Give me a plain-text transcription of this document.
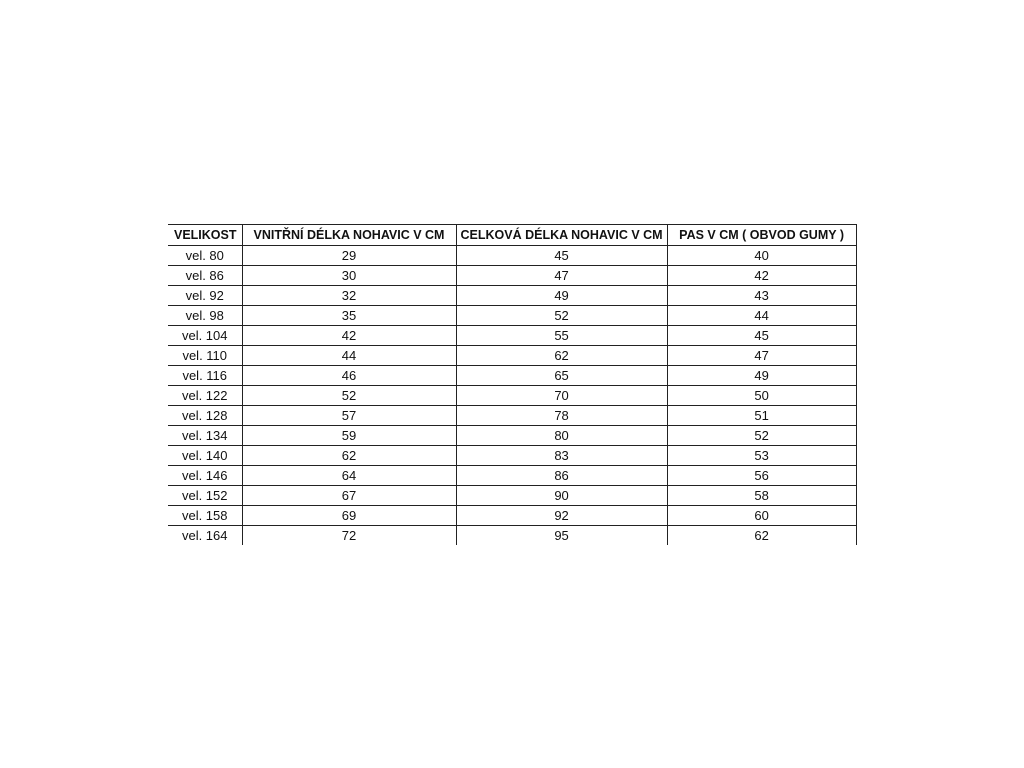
VELIKOST	VNITŘNÍ DÉLKA NOHAVIC V CM	CELKOVÁ DÉLKA NOHAVIC V CM	PAS V CM ( OBVOD GUMY )
vel. 80	29	45	40
vel. 86	30	47	42
vel. 92	32	49	43
vel. 98	35	52	44
vel. 104	42	55	45
vel. 110	44	62	47
vel. 116	46	65	49
vel. 122	52	70	50
vel. 128	57	78	51
vel. 134	59	80	52
vel. 140	62	83	53
vel. 146	64	86	56
vel. 152	67	90	58
vel. 158	69	92	60
vel. 164	72	95	62
